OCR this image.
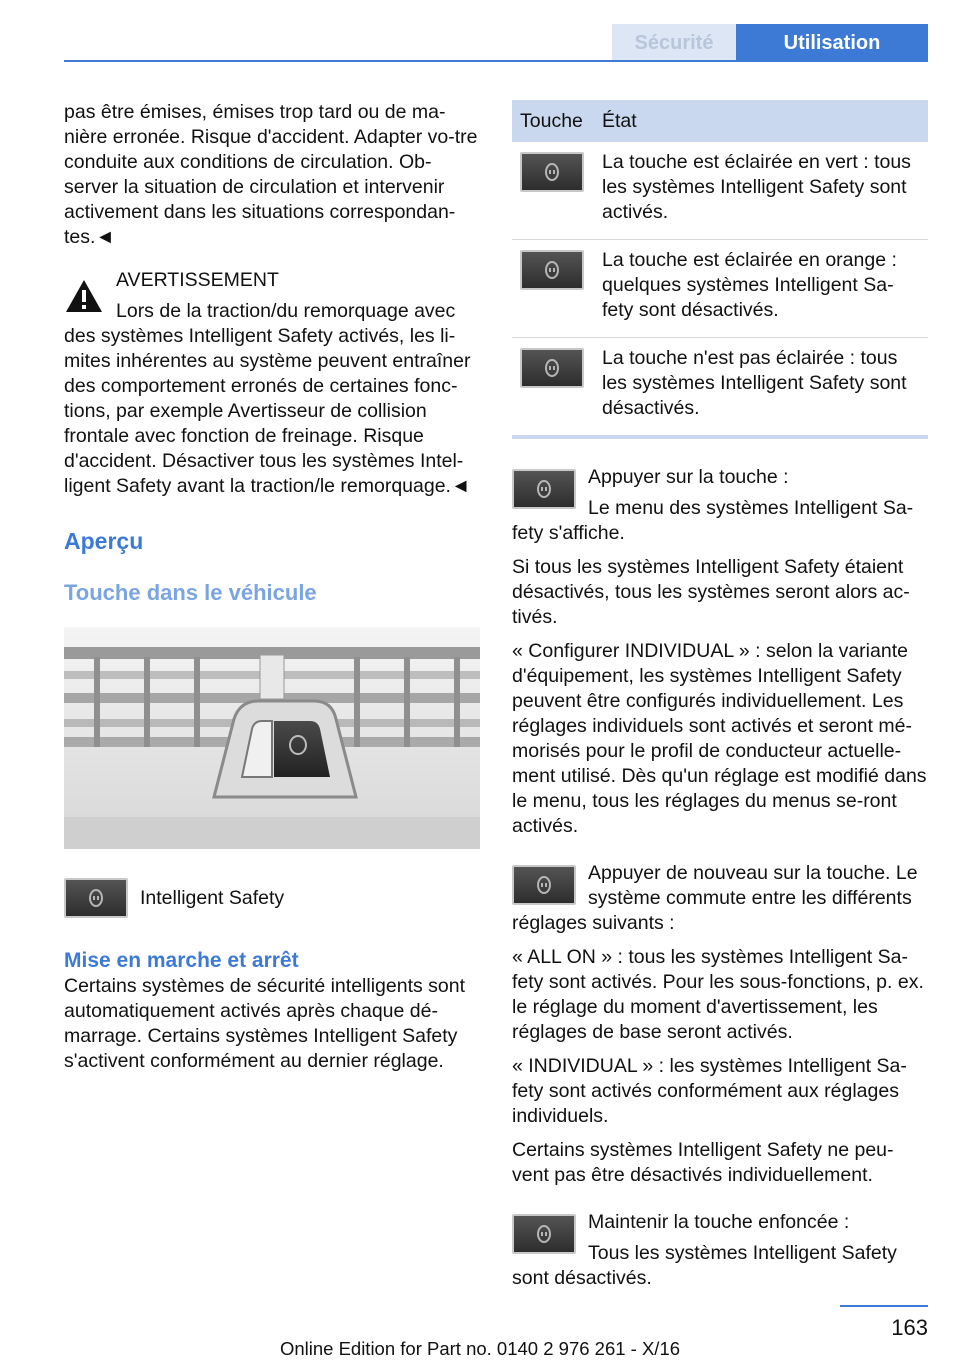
Sécurité	Utilisation
pas être émises, émises trop tard ou de ma-nière erronée. Risque d'accident. Adapter vo-tre conduite aux conditions de circulation. Ob-server la situation de circulation et intervenir activement dans les situations correspondan-tes.◄
AVERTISSEMENT
Lors de la traction/du remorquage avec
des systèmes Intelligent Safety activés, les li-mites inhérentes au système peuvent entraîner des comportement erronés de certaines fonc-tions, par exemple Avertisseur de collision frontale avec fonction de freinage. Risque d'accident. Désactiver tous les systèmes Intel-ligent Safety avant la traction/le remorquage.◄
Aperçu
Touche dans le véhicule
Intelligent Safety
Mise en marche et arrêt
Certains systèmes de sécurité intelligents sont automatiquement activés après chaque dé-marrage. Certains systèmes Intelligent Safety s'activent conformément au dernier réglage.
Touche	État

	La touche est éclairée en vert : tous les systèmes Intelligent Safety sont activés.

	La touche est éclairée en orange : quelques systèmes Intelligent Sa-fety sont désactivés.

	La touche n'est pas éclairée : tous les systèmes Intelligent Safety sont désactivés.
Appuyer sur la touche :
Le menu des systèmes Intelligent Sa-fety s'affiche.
Si tous les systèmes Intelligent Safety étaient désactivés, tous les systèmes seront alors ac-tivés.
« Configurer INDIVIDUAL » : selon la variante d'équipement, les systèmes Intelligent Safety peuvent être configurés individuellement. Les réglages individuels sont activés et seront mé-morisés pour le profil de conducteur actuelle-ment utilisé. Dès qu'un réglage est modifié dans le menu, tous les réglages du menus se-ront activés.
Appuyer de nouveau sur la touche. Le système commute entre les différents réglages suivants :
« ALL ON » : tous les systèmes Intelligent Sa-fety sont activés. Pour les sous-fonctions, p. ex. le réglage du moment d'avertissement, les réglages de base seront activés.
« INDIVIDUAL » : les systèmes Intelligent Sa-fety sont activés conformément aux réglages individuels.
Certains systèmes Intelligent Safety ne peu-vent pas être désactivés individuellement.
Maintenir la touche enfoncée :
Tous les systèmes Intelligent Safety sont désactivés.
163
Online Edition for Part no. 0140 2 976 261 - X/16
